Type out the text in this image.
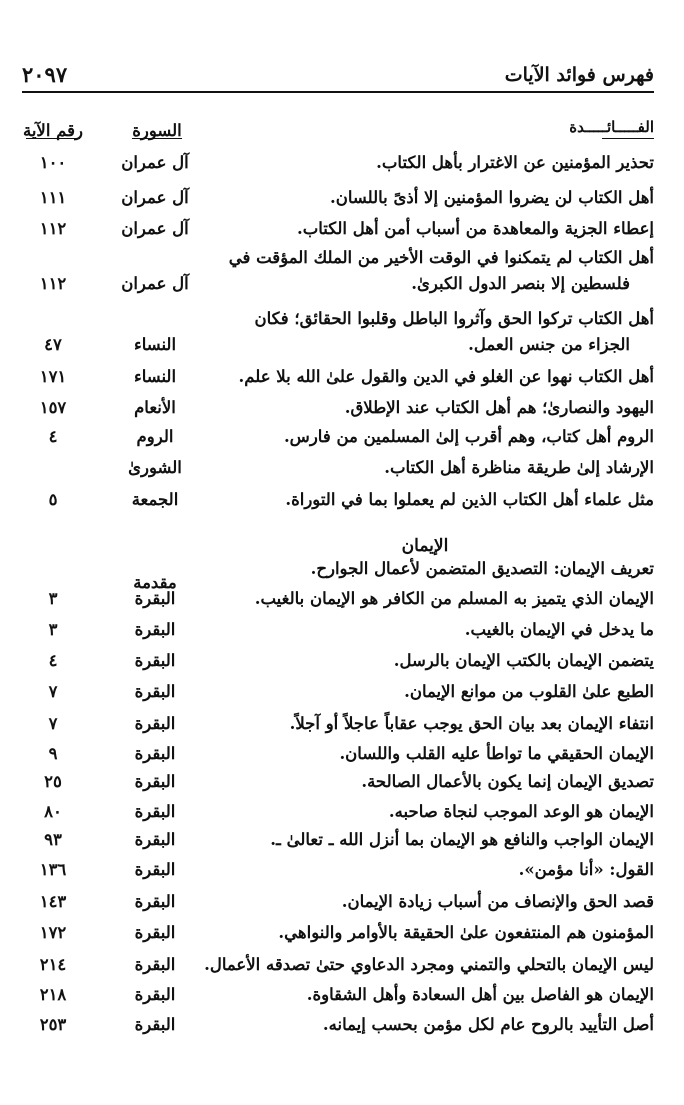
٢٠٩٧	فهرس فوائد الآيات
الفـــــائـــــدة
السورة
رقم الآية
تحذير المؤمنين عن الاغترار بأهل الكتاب.
آل عمران
١٠٠
أهل الكتاب لن يضروا المؤمنين إلا أذىً باللسان.
آل عمران
١١١
إعطاء الجزية والمعاهدة من أسباب أمن أهل الكتاب.
آل عمران
١١٢
أهل الكتاب لم يتمكنوا في الوقت الأخير من الملك المؤقت في
فلسطين إلا بنصر الدول الكبرىٰ.
آل عمران
١١٢
أهل الكتاب تركوا الحق وآثروا الباطل وقلبوا الحقائق؛ فكان
الجزاء من جنس العمل.
النساء
٤٧
أهل الكتاب نهوا عن الغلو في الدين والقول علىٰ الله بلا علم.
النساء
١٧١
اليهود والنصارىٰ؛ هم أهل الكتاب عند الإطلاق.
الأنعام
١٥٧
الروم أهل كتاب، وهم أقرب إلىٰ المسلمين من فارس.
الروم
٤
الإرشاد إلىٰ طريقة مناظرة أهل الكتاب.
الشورىٰ
مثل علماء أهل الكتاب الذين لم يعملوا بما في التوراة.
الجمعة
٥
الإيمان
تعريف الإيمان: التصديق المتضمن لأعمال الجوارح.
مقدمة
الإيمان الذي يتميز به المسلم من الكافر هو الإيمان بالغيب.
البقرة
٣
ما يدخل في الإيمان بالغيب.
البقرة
٣
يتضمن الإيمان بالكتب الإيمان بالرسل.
البقرة
٤
الطبع علىٰ القلوب من موانع الإيمان.
البقرة
٧
انتفاء الإيمان بعد بيان الحق يوجب عقاباً عاجلاً أو آجلاً.
البقرة
٧
الإيمان الحقيقي ما تواطأ عليه القلب واللسان.
البقرة
٩
تصديق الإيمان إنما يكون بالأعمال الصالحة.
البقرة
٢٥
الإيمان هو الوعد الموجب لنجاة صاحبه.
البقرة
٨٠
الإيمان الواجب والنافع هو الإيمان بما أنزل الله ـ تعالىٰ ـ.
البقرة
٩٣
القول: «أنا مؤمن».
البقرة
١٣٦
قصد الحق والإنصاف من أسباب زيادة الإيمان.
البقرة
١٤٣
المؤمنون هم المنتفعون علىٰ الحقيقة بالأوامر والنواهي.
البقرة
١٧٢
ليس الإيمان بالتحلي والتمني ومجرد الدعاوي حتىٰ تصدقه الأعمال.
البقرة
٢١٤
الإيمان هو الفاصل بين أهل السعادة وأهل الشقاوة.
البقرة
٢١٨
أصل التأييد بالروح عام لكل مؤمن بحسب إيمانه.
البقرة
٢٥٣
